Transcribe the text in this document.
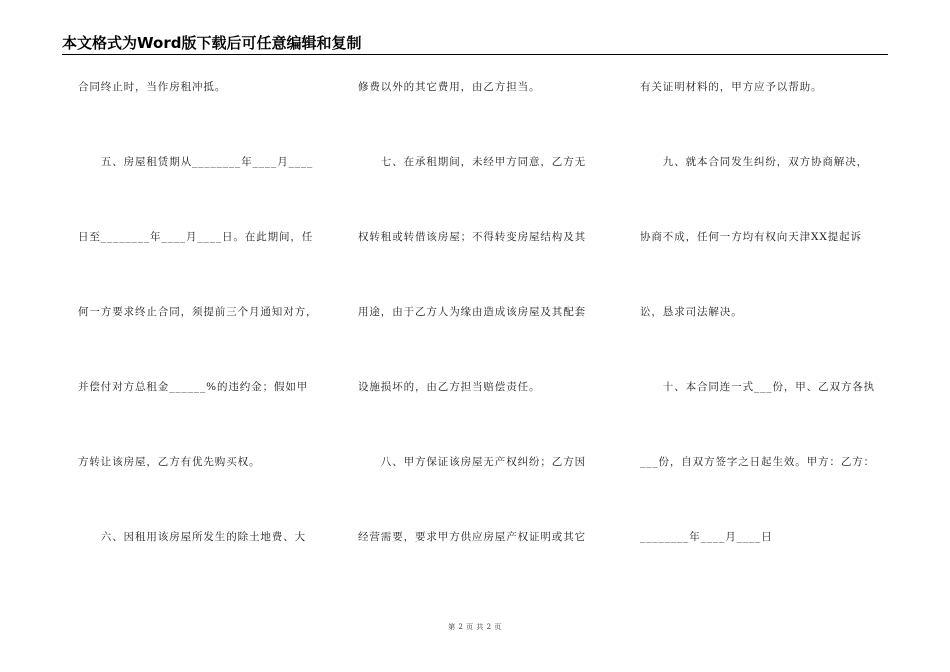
本文格式为Word版下载后可任意编辑和复制
合同终止时，当作房租冲抵。
　　五、房屋租赁期从________年____月____
日至________年____月____日。在此期间，任
何一方要求终止合同，须提前三个月通知对方，
并偿付对方总租金______%的违约金；假如甲
方转让该房屋，乙方有优先购买权。
　　六、因租用该房屋所发生的除土地费、大
修费以外的其它费用，由乙方担当。
　　七、在承租期间，未经甲方同意，乙方无
权转租或转借该房屋；不得转变房屋结构及其
用途，由于乙方人为缘由造成该房屋及其配套
设施损坏的，由乙方担当赔偿责任。
　　八、甲方保证该房屋无产权纠纷；乙方因
经营需要，要求甲方供应房屋产权证明或其它
有关证明材料的，甲方应予以帮助。
　　九、就本合同发生纠纷，双方协商解决，
协商不成，任何一方均有权向天津XX提起诉
讼，恳求司法解决。
　　十、本合同连一式___份，甲、乙双方各执
___份，自双方签字之日起生效。甲方：乙方：
________年____月____日
第 2 页 共 2 页
